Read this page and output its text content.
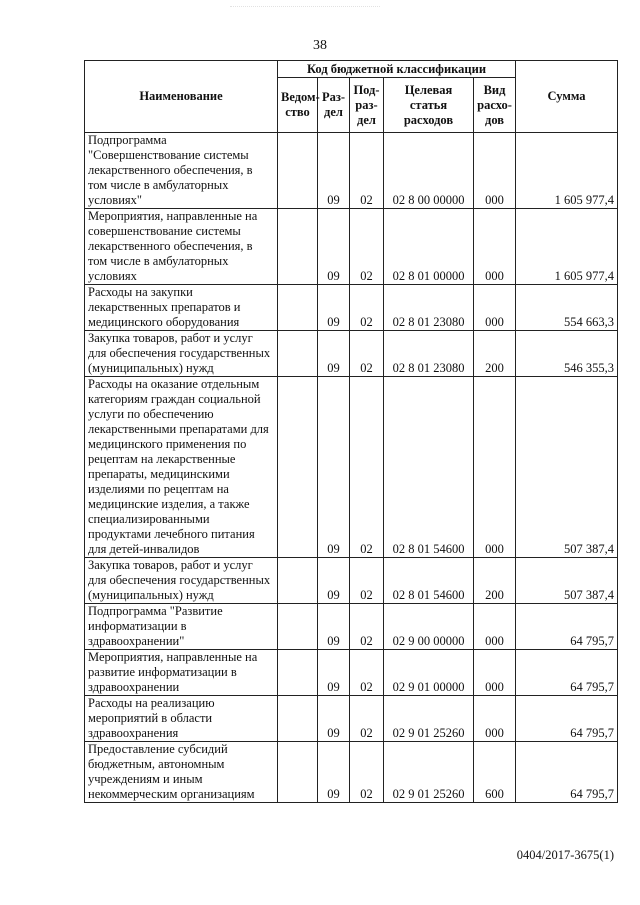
38
Наименование	Код бюджетной классификации					Сумма
	Ведом-ство	Раз-дел	Под-раз-дел	Целевая статья расходов	Вид расхо-дов	
Подпрограмма "Совершенствование системы лекарственного обеспечения, в том числе в амбулаторных условиях"		09	02	02 8 00 00000	000	1 605 977,4
Мероприятия, направленные на совершенствование системы лекарственного обеспечения, в том числе в амбулаторных условиях		09	02	02 8 01 00000	000	1 605 977,4
Расходы на закупки лекарственных препаратов и медицинского оборудования		09	02	02 8 01 23080	000	554 663,3
Закупка товаров, работ и услуг для обеспечения государственных (муниципальных) нужд		09	02	02 8 01 23080	200	546 355,3
Расходы на оказание отдельным категориям граждан социальной услуги по обеспечению лекарственными препаратами для медицинского применения по рецептам на лекарственные препараты, медицинскими изделиями по рецептам на медицинские изделия, а также специализированными продуктами лечебного питания для детей-инвалидов		09	02	02 8 01 54600	000	507 387,4
Закупка товаров, работ и услуг для обеспечения государственных (муниципальных) нужд		09	02	02 8 01 54600	200	507 387,4
Подпрограмма "Развитие информатизации в здравоохранении"		09	02	02 9 00 00000	000	64 795,7
Мероприятия, направленные на развитие информатизации в здравоохранении		09	02	02 9 01 00000	000	64 795,7
Расходы на реализацию мероприятий в области здравоохранения		09	02	02 9 01 25260	000	64 795,7
Предоставление субсидий бюджетным, автономным учреждениям и иным некоммерческим организациям		09	02	02 9 01 25260	600	64 795,7
0404/2017-3675(1)
